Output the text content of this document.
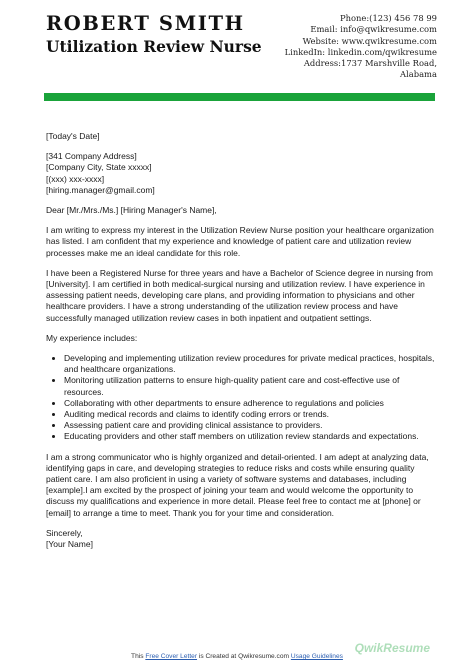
ROBERT SMITH
Utilization Review Nurse
Phone:(123) 456 78 99
Email: info@qwikresume.com
Website: www.qwikresume.com
LinkedIn: linkedin.com/qwikresume
Address:1737 Marshville Road,
Alabama

[Today's Date]

[341 Company Address]
[Company City, State xxxxx]
[(xxx) xxx-xxxx]
[hiring.manager@gmail.com]

Dear [Mr./Mrs./Ms.] [Hiring Manager's Name],

I am writing to express my interest in the Utilization Review Nurse position your healthcare organization has listed. I am confident that my experience and knowledge of patient care and utilization review processes make me an ideal candidate for this role.

I have been a Registered Nurse for three years and have a Bachelor of Science degree in nursing from [University]. I am certified in both medical-surgical nursing and utilization review. I have experience in assessing patient needs, developing care plans, and providing information to physicians and other healthcare providers. I have a strong understanding of the utilization review process and have successfully managed utilization review cases in both inpatient and outpatient settings.

My experience includes:

• Developing and implementing utilization review procedures for private medical practices, hospitals, and healthcare organizations.
• Monitoring utilization patterns to ensure high-quality patient care and cost-effective use of resources.
• Collaborating with other departments to ensure adherence to regulations and policies
• Auditing medical records and claims to identify coding errors or trends.
• Assessing patient care and providing clinical assistance to providers.
• Educating providers and other staff members on utilization review standards and expectations.

I am a strong communicator who is highly organized and detail-oriented. I am adept at analyzing data, identifying gaps in care, and developing strategies to reduce risks and costs while ensuring quality patient care. I am also proficient in using a variety of software systems and databases, including [example].I am excited by the prospect of joining your team and would welcome the opportunity to discuss my qualifications and experience in more detail. Please feel free to contact me at [phone] or [email] to arrange a time to meet. Thank you for your time and consideration.

Sincerely,
[Your Name]
QwikResume
This Free Cover Letter is Created at Qwikresume.com Usage Guidelines
